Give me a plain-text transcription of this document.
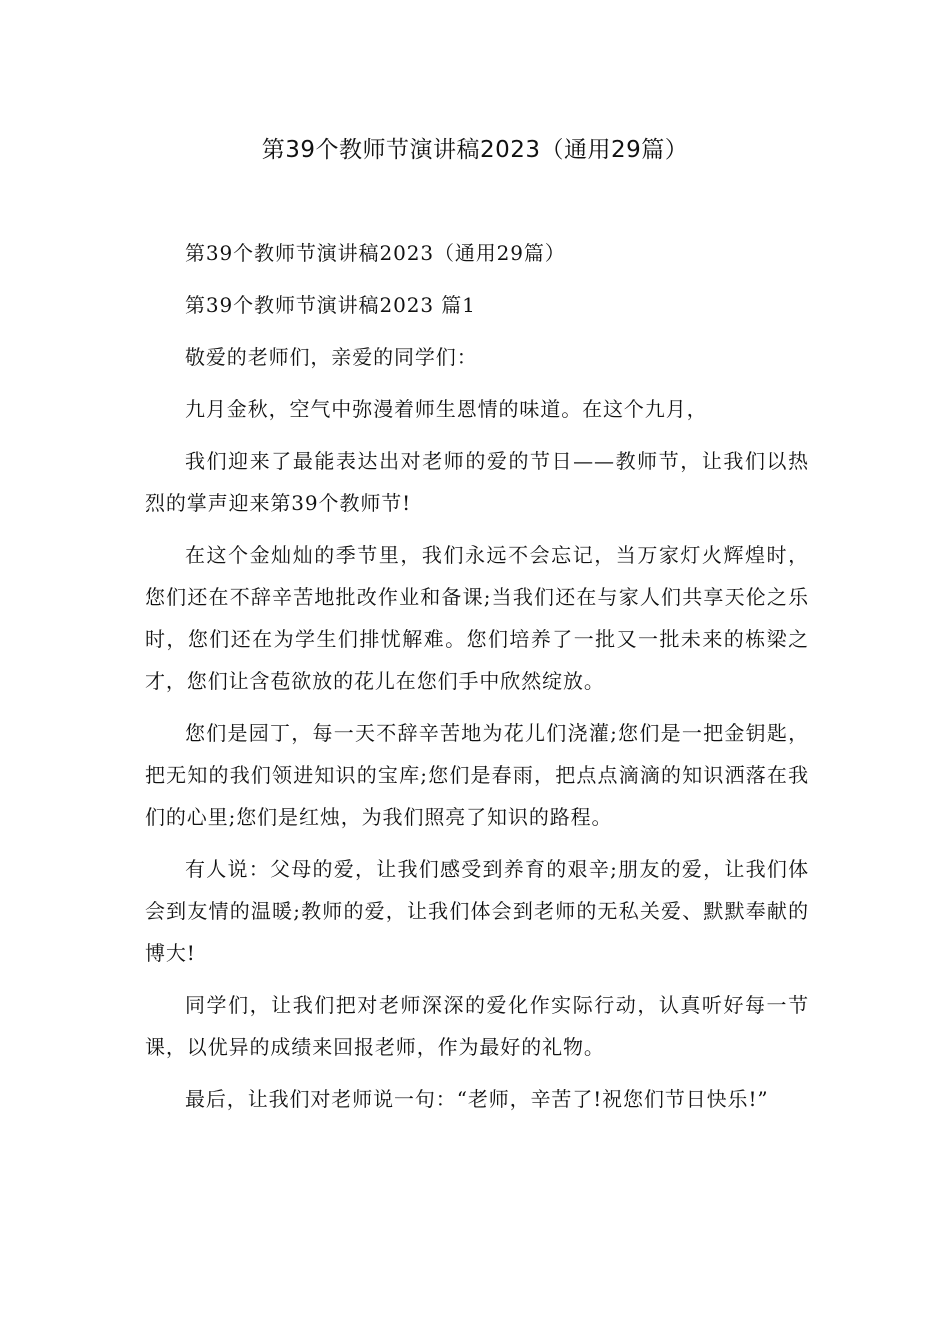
第39个教师节演讲稿2023（通用29篇）

第39个教师节演讲稿2023（通用29篇）

第39个教师节演讲稿2023 篇1

敬爱的老师们，亲爱的同学们：

九月金秋，空气中弥漫着师生恩情的味道。在这个九月，

我们迎来了最能表达出对老师的爱的节日——教师节，让我们以热烈的掌声迎来第39个教师节!

在这个金灿灿的季节里，我们永远不会忘记，当万家灯火辉煌时，您们还在不辞辛苦地批改作业和备课;当我们还在与家人们共享天伦之乐时，您们还在为学生们排忧解难。您们培养了一批又一批未来的栋梁之才，您们让含苞欲放的花儿在您们手中欣然绽放。

您们是园丁，每一天不辞辛苦地为花儿们浇灌;您们是一把金钥匙，把无知的我们领进知识的宝库;您们是春雨，把点点滴滴的知识洒落在我们的心里;您们是红烛，为我们照亮了知识的路程。

有人说：父母的爱，让我们感受到养育的艰辛;朋友的爱，让我们体会到友情的温暖;教师的爱，让我们体会到老师的无私关爱、默默奉献的博大!

同学们，让我们把对老师深深的爱化作实际行动，认真听好每一节课，以优异的成绩来回报老师，作为最好的礼物。

最后，让我们对老师说一句：“老师，辛苦了!祝您们节日快乐!”
